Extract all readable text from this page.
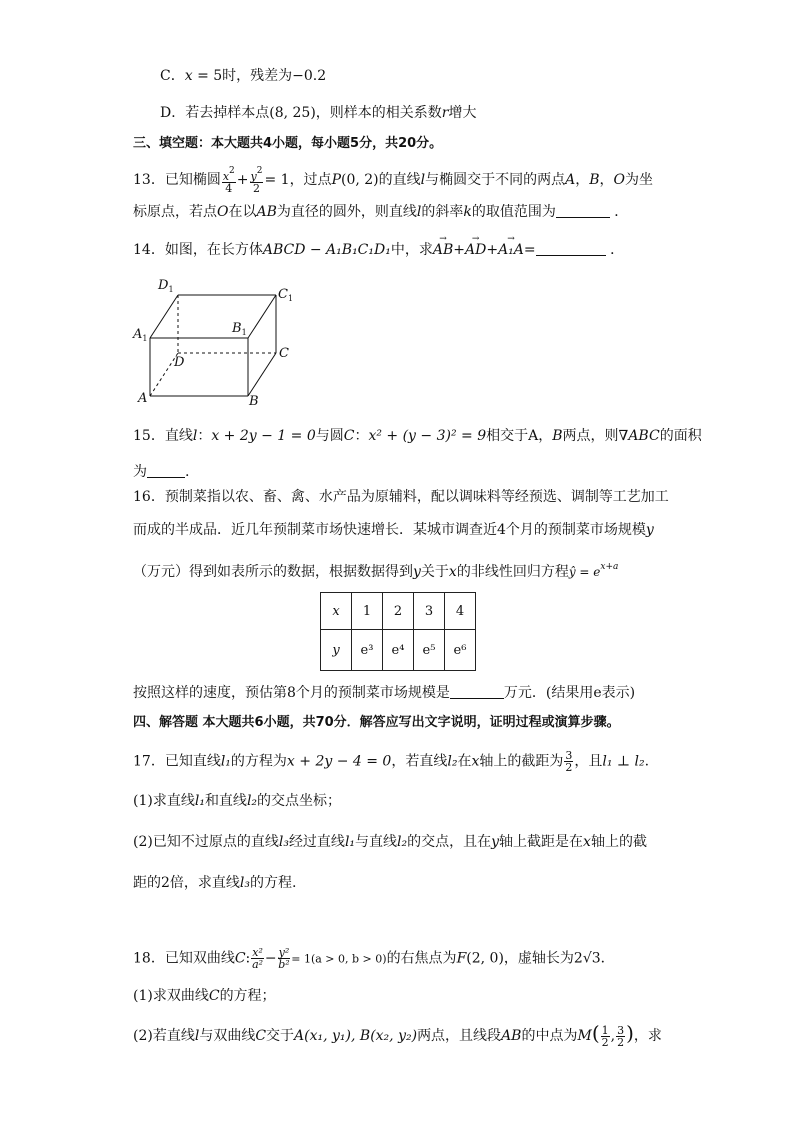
C．x = 5时，残差为−0.2
D．若去掉样本点(8, 25)，则样本的相关系数r增大
三、填空题：本大题共4小题，每小题5分，共20分。
13．已知椭圆 $\frac{x^2}{4} + \frac{y^2}{2} = 1$，过点P(0, 2)的直线l与椭圆交于不同的两点A，B，O为坐
标原点，若点O在以AB为直径的圆外，则直线l的斜率k的取值范围为	．
14．如图，在长方体ABCD − A₁B₁C₁D₁中，求→ AB+→ AD+→ A₁A=	．
$D_1$	$C_1$
$A_1$
$B_1$
D
C
A	B
15．直线l：x + 2y − 1 = 0与圆C：x² + (y − 3)² = 9相交于A，B两点，则∇ABC的面积
为	.
16．预制菜指以农、畜、禽、水产品为原辅料，配以调味料等经预选、调制等工艺加工
而成的半成品．近几年预制菜市场快速增长．某城市调查近4个月的预制菜市场规模y
（万元）得到如表所示的数据，根据数据得到y关于x的非线性回归方程ŷ = $e^{x+a}$
x	1	2	3	4
y	e³	e⁴	e⁵	e⁶
按照这样的速度，预估第8个月的预制菜市场规模是	万元．(结果用e表示)
四、解答题 本大题共6小题，共70分．解答应写出文字说明，证明过程或演算步骤。
17．已知直线l₁的方程为x + 2y − 4 = 0，若直线l₂在x轴上的截距为 $\frac{3}{2}$ ，且l₁ ⊥ l₂.
(1)求直线l₁和直线l₂的交点坐标；
(2)已知不过原点的直线l₃经过直线l₁与直线l₂的交点，且在y轴上截距是在x轴上的截
距的2倍，求直线l₃的方程.
18．已知双曲线C: $\frac{\text{x²}}{\text{a²}} - \frac{\text{y²}}{\text{b²}} = 1(a > 0$, b > 0)的右焦点为F(2, 0)，虚轴长为2√3．
(1)求双曲线C的方程；
(2)若直线l与双曲线C交于A(x₁, y₁), B(x₂, y₂)两点，且线段AB的中点为$M( \frac{1}{2}$ , $\frac{3}{2}$ )，求
